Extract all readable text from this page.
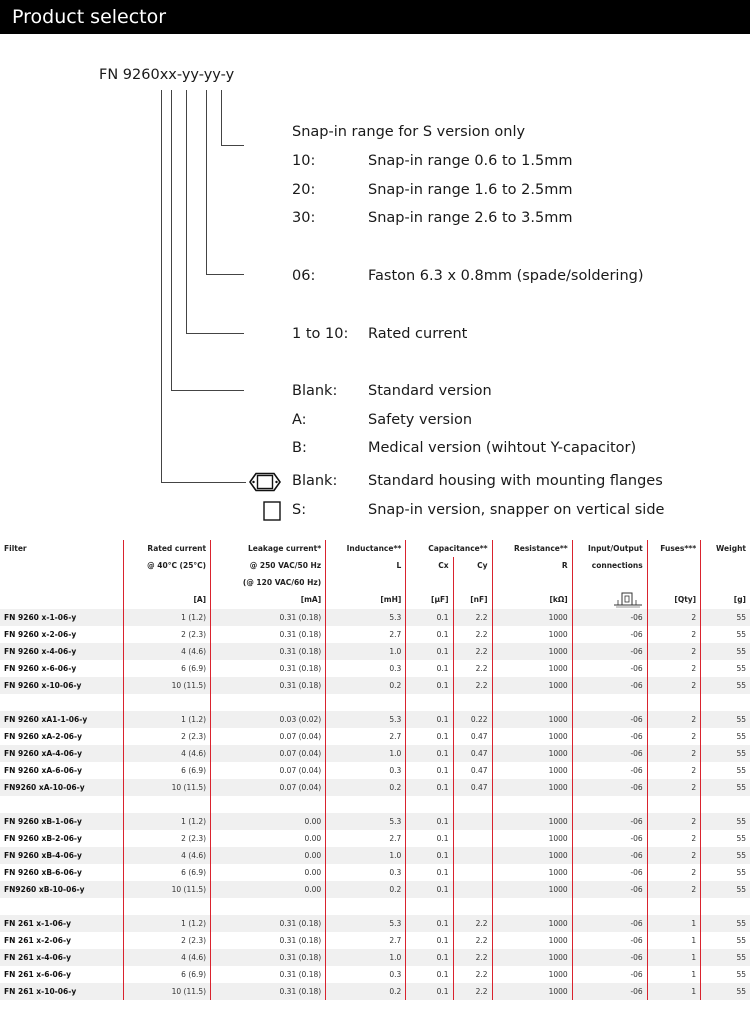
Product selector
FN 9260xx-yy-yy-y
Snap-in range for S version only
10:	Snap-in range 0.6 to 1.5mm
20:	Snap-in range 1.6 to 2.5mm
30:	Snap-in range 2.6 to 3.5mm
06:	Faston 6.3 x 0.8mm (spade/soldering)
1 to 10: Rated current
Blank: Standard version
A:	Safety version
B:	Medical version (wihtout Y-capacitor)
Blank: Standard housing with mounting flanges
S:	Snap-in version, snapper on vertical side
Filter	Rated current	Leakage current*	Inductance**	Capacitance**		Resistance**	Input/Output	Fuses***	Weight
	@ 40°C (25°C)	@ 250 VAC/50 Hz	L	Cx	Cy	R	connections		
		(@ 120 VAC/60 Hz)							
	[A]	[mA]	[mH]	[µF]	[nF]	[kΩ]		[Qty]	[g]
FN 9260 x-1-06-y	1 (1.2)	0.31 (0.18)	5.3	0.1	2.2	1000	-06	2	55
FN 9260 x-2-06-y	2 (2.3)	0.31 (0.18)	2.7	0.1	2.2	1000	-06	2	55
FN 9260 x-4-06-y	4 (4.6)	0.31 (0.18)	1.0	0.1	2.2	1000	-06	2	55
FN 9260 x-6-06-y	6 (6.9)	0.31 (0.18)	0.3	0.1	2.2	1000	-06	2	55
FN 9260 x-10-06-y	10 (11.5)	0.31 (0.18)	0.2	0.1	2.2	1000	-06	2	55

FN 9260 xA1-1-06-y	1 (1.2)	0.03 (0.02)	5.3	0.1	0.22	1000	-06	2	55
FN 9260 xA-2-06-y	2 (2.3)	0.07 (0.04)	2.7	0.1	0.47	1000	-06	2	55
FN 9260 xA-4-06-y	4 (4.6)	0.07 (0.04)	1.0	0.1	0.47	1000	-06	2	55
FN 9260 xA-6-06-y	6 (6.9)	0.07 (0.04)	0.3	0.1	0.47	1000	-06	2	55
FN9260 xA-10-06-y	10 (11.5)	0.07 (0.04)	0.2	0.1	0.47	1000	-06	2	55

FN 9260 xB-1-06-y	1 (1.2)	0.00	5.3	0.1		1000	-06	2	55
FN 9260 xB-2-06-y	2 (2.3)	0.00	2.7	0.1		1000	-06	2	55
FN 9260 xB-4-06-y	4 (4.6)	0.00	1.0	0.1		1000	-06	2	55
FN 9260 xB-6-06-y	6 (6.9)	0.00	0.3	0.1		1000	-06	2	55
FN9260 xB-10-06-y	10 (11.5)	0.00	0.2	0.1		1000	-06	2	55

FN 261 x-1-06-y	1 (1.2)	0.31 (0.18)	5.3	0.1	2.2	1000	-06	1	55
FN 261 x-2-06-y	2 (2.3)	0.31 (0.18)	2.7	0.1	2.2	1000	-06	1	55
FN 261 x-4-06-y	4 (4.6)	0.31 (0.18)	1.0	0.1	2.2	1000	-06	1	55
FN 261 x-6-06-y	6 (6.9)	0.31 (0.18)	0.3	0.1	2.2	1000	-06	1	55
FN 261 x-10-06-y	10 (11.5)	0.31 (0.18)	0.2	0.1	2.2	1000	-06	1	55
